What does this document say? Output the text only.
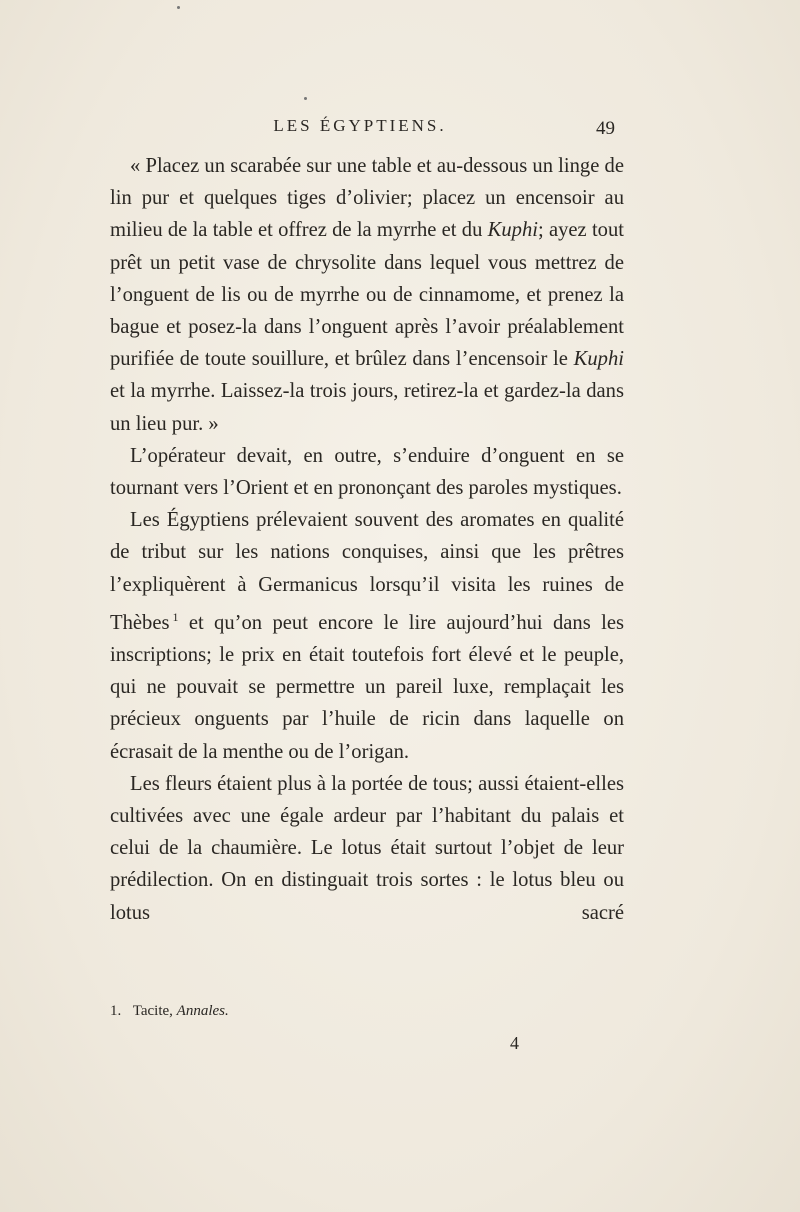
LES ÉGYPTIENS.	49

« Placez un scarabée sur une table et au-dessous un linge de lin pur et quelques tiges d’olivier; placez un encensoir au milieu de la table et offrez de la myrrhe et du Kuphi; ayez tout prêt un petit vase de chrysolite dans lequel vous mettrez de l’onguent de lis ou de myrrhe ou de cinnamome, et prenez la bague et posez-la dans l’onguent après l’avoir préalablement purifiée de toute souillure, et brûlez dans l’encensoir le Kuphi et la myrrhe. Laissez-la trois jours, retirez-la et gardez-la dans un lieu pur. »

L’opérateur devait, en outre, s’enduire d’onguent en se tournant vers l’Orient et en prononçant des paroles mystiques.

Les Égyptiens prélevaient souvent des aromates en qualité de tribut sur les nations conquises, ainsi que les prêtres l’expliquèrent à Germanicus lorsqu’il visita les ruines de Thèbes $^1$ et qu’on peut encore le lire aujourd’hui dans les inscriptions; le prix en était toutefois fort élevé et le peuple, qui ne pouvait se permettre un pareil luxe, remplaçait les précieux onguents par l’huile de ricin dans laquelle on écrasait de la menthe ou de l’origan.

Les fleurs étaient plus à la portée de tous; aussi étaient-elles cultivées avec une égale ardeur par l’habitant du palais et celui de la chaumière. Le lotus était surtout l’objet de leur prédilection. On en distinguait trois sortes : le lotus bleu ou lotus sacré

1. Tacite, Annales.
4
